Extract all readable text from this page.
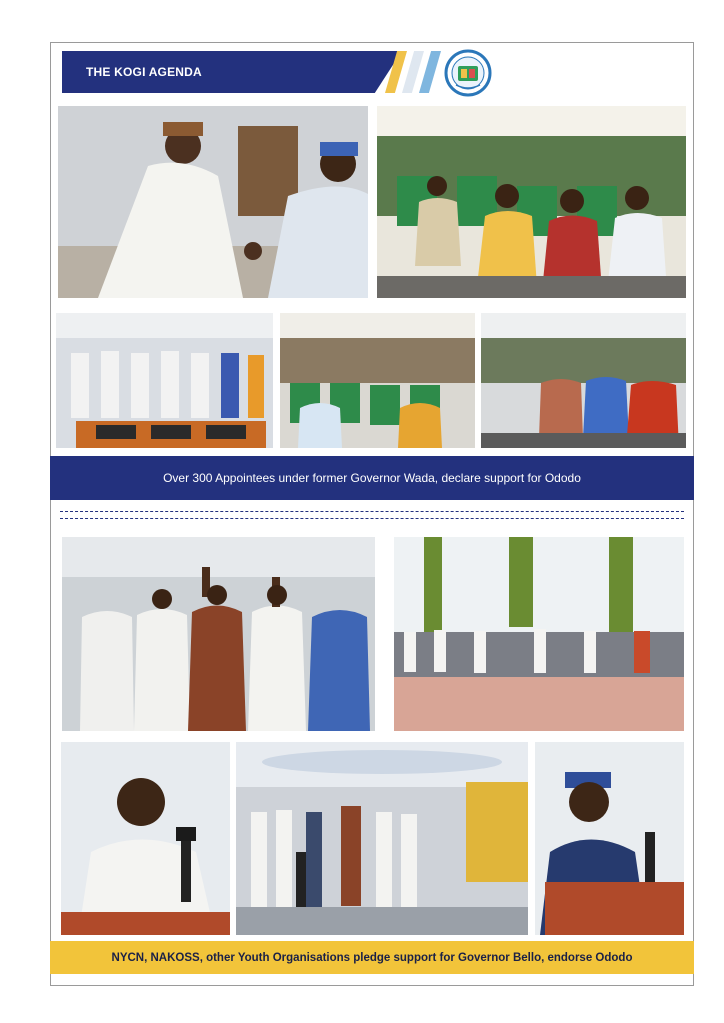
THE KOGI AGENDA
Over 300 Appointees under former Governor Wada, declare support for Ododo
NYCN, NAKOSS, other Youth Organisations pledge support for Governor Bello, endorse Ododo
